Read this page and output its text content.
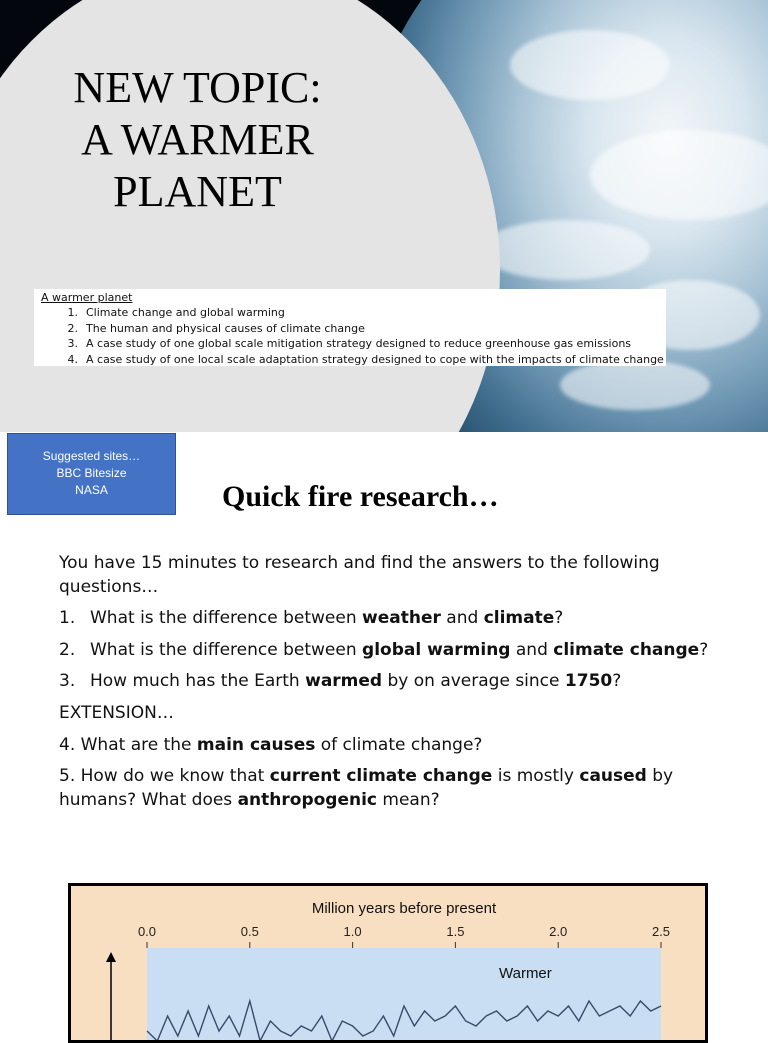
NEW TOPIC:
A WARMER
PLANET
A warmer planet
1. Climate change and global warming
2. The human and physical causes of climate change
3. A case study of one global scale mitigation strategy designed to reduce greenhouse gas emissions
4. A case study of one local scale adaptation strategy designed to cope with the impacts of climate change
Suggested sites…
BBC Bitesize
NASA	Quick fire research…
You have 15 minutes to research and find the answers to the following questions…
1. What is the difference between weather and climate?
2. What is the difference between global warming and climate change?
3. How much has the Earth warmed by on average since 1750?
EXTENSION…
4. What are the main causes of climate change?
5. How do we know that current climate change is mostly caused by humans? What does anthropogenic mean?
Million years before present
0.0	0.5	1.0	1.5	2.0	2.5
Warmer
